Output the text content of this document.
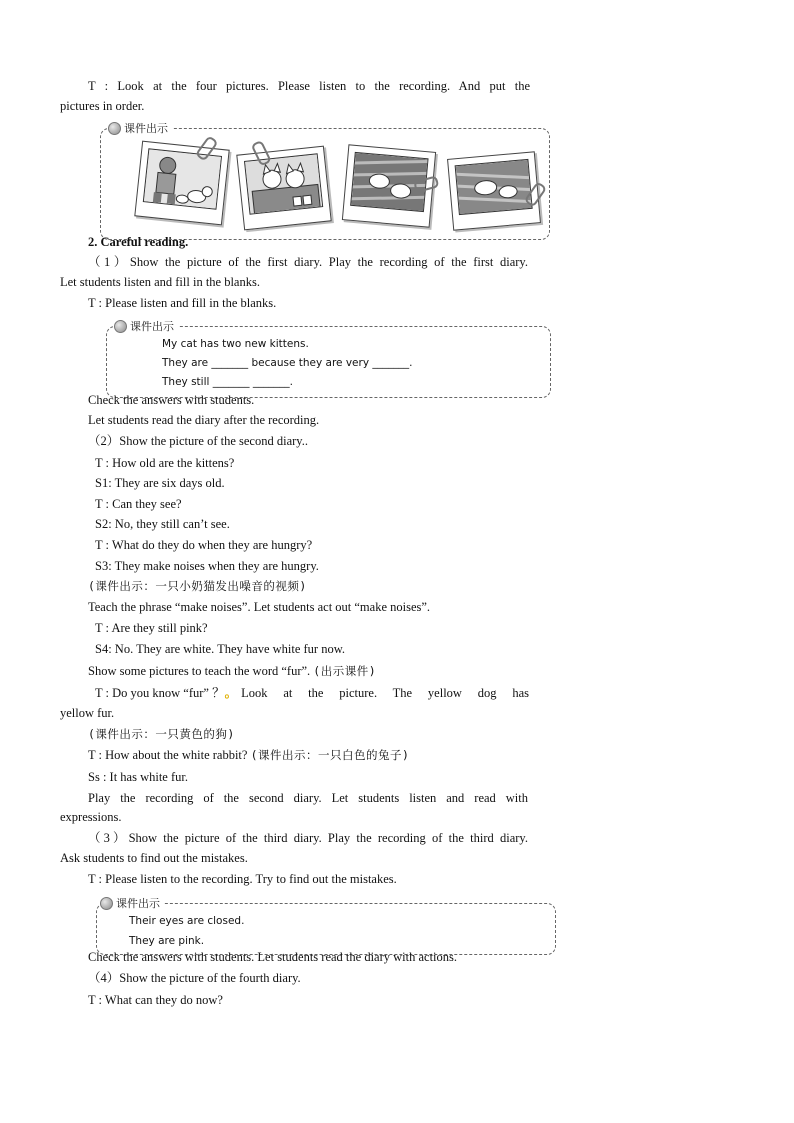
T : Look at the four pictures. Please listen to the recording. And put the
pictures in order.
课件出示
2. Careful reading.
（1）Show the picture of the first diary. Play the recording of the first diary.
Let students listen and fill in the blanks.
T : Please listen and fill in the blanks.
课件出示
My cat has two new kittens.
They are _______ because they are very _______.
They still _______ _______.
Check the answers with students.
Let students read the diary after the recording.
（2）Show the picture of the second diary..
T : How old are the kittens?
S1: They are six days old.
T : Can they see?
S2: No, they still can’t see.
T : What do they do when they are hungry?
S3: They make noises when they are hungry.
(课件出示：一只小奶猫发出噪音的视频)
Teach the phrase “make noises”. Let students act out “make noises”.
T : Are they still pink?
S4: No. They are white. They have white fur now.
Show some pictures to teach the word “fur”. (出示课件)
T : Do you know “fur” ？。 Look at the picture. The yellow dog has
yellow fur.
(课件出示：一只黄色的狗)
T : How about the white rabbit? (课件出示：一只白色的兔子)
Ss : It has white fur.
Play the recording of the second diary. Let students listen and read with
expressions.
（3）Show the picture of the third diary. Play the recording of the third diary.
Ask students to find out the mistakes.
T : Please listen to the recording. Try to find out the mistakes.
课件出示
Their eyes are closed.
They are pink.
Check the answers with students. Let students read the diary with actions.
（4）Show the picture of the fourth diary.
T : What can they do now?
